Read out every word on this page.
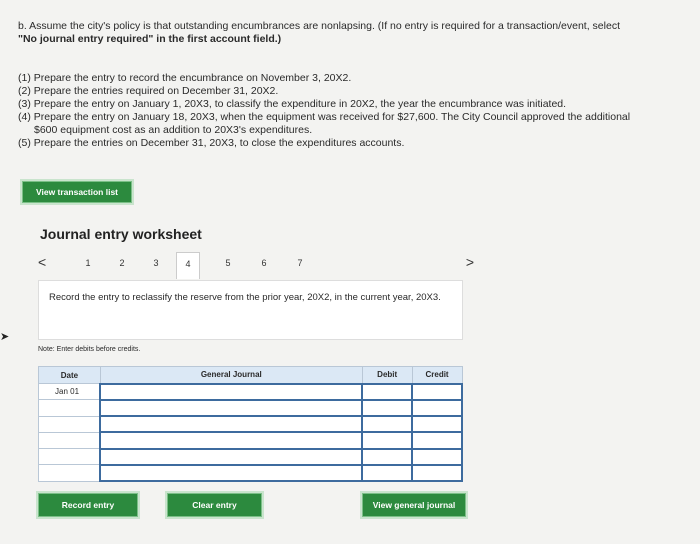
b. Assume the city's policy is that outstanding encumbrances are nonlapsing. (If no entry is required for a transaction/event, select
"No journal entry required" in the first account field.)
(1) Prepare the entry to record the encumbrance on November 3, 20X2.
(2) Prepare the entries required on December 31, 20X2.
(3) Prepare the entry on January 1, 20X3, to classify the expenditure in 20X2, the year the encumbrance was initiated.
(4) Prepare the entry on January 18, 20X3, when the equipment was received for $27,600. The City Council approved the additional
$600 equipment cost as an addition to 20X3's expenditures.
(5) Prepare the entries on December 31, 20X3, to close the expenditures accounts.
➤
View transaction list
Journal entry worksheet
<	1	2	3	4	5	6	7	>
Record the entry to reclassify the reserve from the prior year, 20X2, in the current year, 20X3.
Note: Enter debits before credits.
Date	General Journal	Debit	Credit
Jan 01			

Record entry	Clear entry	View general journal
